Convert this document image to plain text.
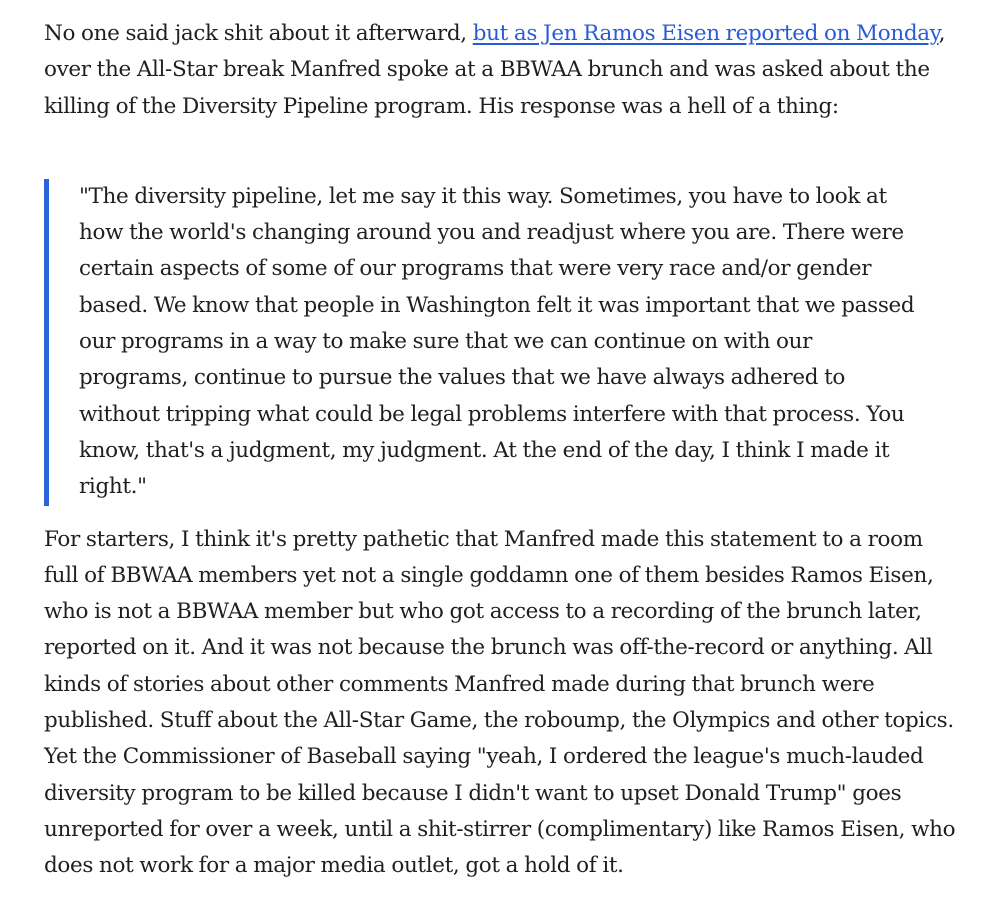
No one said jack shit about it afterward, but as Jen Ramos Eisen reported on Monday, over the All-Star break Manfred spoke at a BBWAA brunch and was asked about the killing of the Diversity Pipeline program. His response was a hell of a thing:

"The diversity pipeline, let me say it this way. Sometimes, you have to look at how the world's changing around you and readjust where you are. There were certain aspects of some of our programs that were very race and/or gender based. We know that people in Washington felt it was important that we passed our programs in a way to make sure that we can continue on with our programs, continue to pursue the values that we have always adhered to without tripping what could be legal problems interfere with that process. You know, that's a judgment, my judgment. At the end of the day, I think I made it right."

For starters, I think it's pretty pathetic that Manfred made this statement to a room full of BBWAA members yet not a single goddamn one of them besides Ramos Eisen, who is not a BBWAA member but who got access to a recording of the brunch later, reported on it. And it was not because the brunch was off-the-record or anything. All kinds of stories about other comments Manfred made during that brunch were published. Stuff about the All-Star Game, the roboump, the Olympics and other topics. Yet the Commissioner of Baseball saying "yeah, I ordered the league's much-lauded diversity program to be killed because I didn't want to upset Donald Trump" goes unreported for over a week, until a shit-stirrer (complimentary) like Ramos Eisen, who does not work for a major media outlet, got a hold of it.
